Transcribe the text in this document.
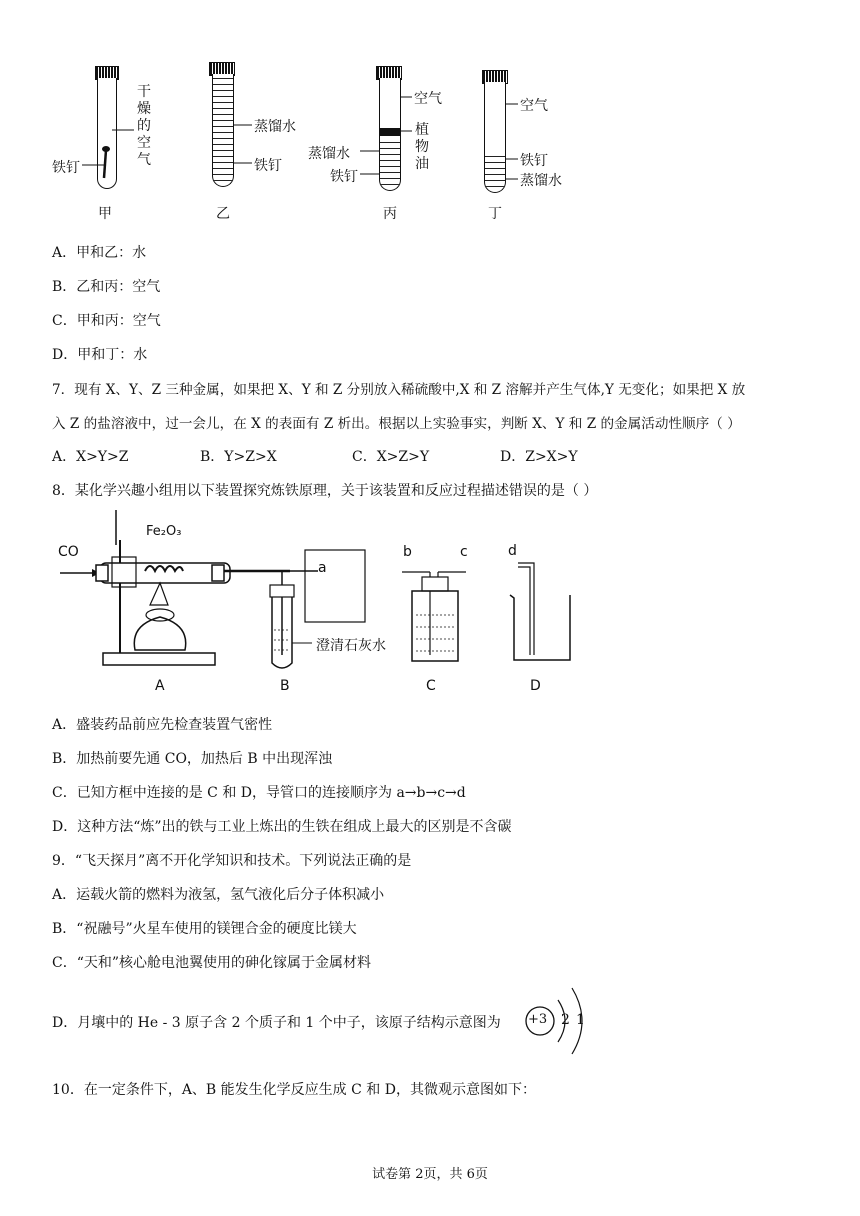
铁钉
干
燥
的
空
气
甲
蒸馏水
铁钉
乙
空气
植
物
油
蒸馏水
铁钉
丙
空气
铁钉
蒸馏水
丁
A．甲和乙：水
B．乙和丙：空气
C．甲和丙：空气
D．甲和丁：水
7．现有 X、Y、Z 三种金属，如果把 X、Y 和 Z 分别放入稀硫酸中,X 和 Z 溶解并产生气体,Y 无变化；如果把 X 放
入 Z 的盐溶液中，过一会儿，在 X 的表面有 Z 析出。根据以上实验事实，判断 X、Y 和 Z 的金属活动性顺序（ ）
A．X>Y>Z	B．Y>Z>X	C．X>Z>Y	D．Z>X>Y
8．某化学兴趣小组用以下装置探究炼铁原理，关于该装置和反应过程描述错误的是（ ）
CO
Fe₂O₃
a
澄清石灰水
b	c	d
A	B	C	D
A．盛装药品前应先检查装置气密性
B．加热前要先通 CO，加热后 B 中出现浑浊
C．已知方框中连接的是 C 和 D，导管口的连接顺序为 a→b→c→d
D．这种方法“炼”出的铁与工业上炼出的生铁在组成上最大的区别是不含碳
9．“飞天探月”离不开化学知识和技术。下列说法正确的是
A．运载火箭的燃料为液氢，氢气液化后分子体积减小
B．“祝融号”火星车使用的镁锂合金的硬度比镁大
C．“天和”核心舱电池翼使用的砷化镓属于金属材料
D．月壤中的 He - 3 原子含 2 个质子和 1 个中子，该原子结构示意图为 +3 2 1
10．在一定条件下，A、B 能发生化学反应生成 C 和 D，其微观示意图如下：
试卷第 2页，共 6页
